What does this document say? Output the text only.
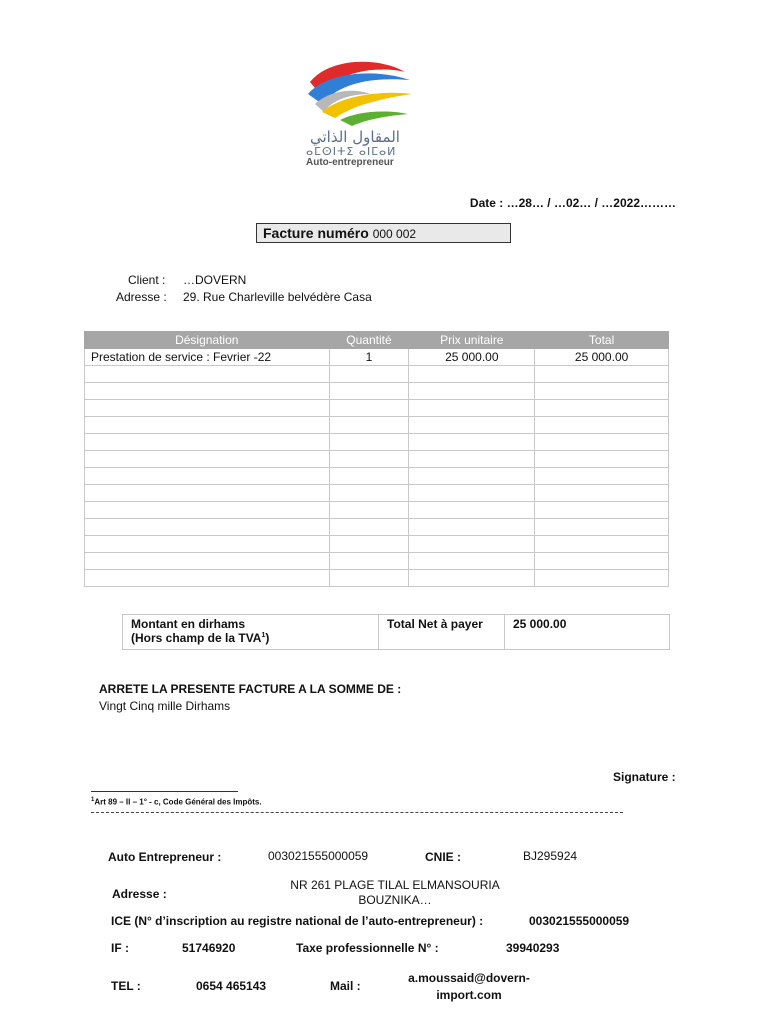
المقاول الذاتي
ⴰⵎⵙⵏⵜⵉ ⴰⵏⵎⴰⵍ
Auto-entrepreneur
Date : …28… / …02… / …2022………
Facture numéro 000 002
Client : …DOVERN
Adresse : 29. Rue Charleville belvédère Casa
Désignation	Quantité	Prix unitaire	Total
Prestation de service : Fevrier -22	1	25 000.00	25 000.00

Montant en dirhams
(Hors champ de la TVA$^1$)	Total Net à payer	25 000.00
ARRETE LA PRESENTE FACTURE A LA SOMME DE :
Vingt Cinq mille Dirhams
Signature :
$^1$Art 89 – II – 1° - c, Code Général des Impôts.
Auto Entrepreneur :	003021555000059	CNIE :	BJ295924
Adresse :
NR 261 PLAGE TILAL ELMANSOURIA
BOUZNIKA…
ICE (N° d’inscription au registre national de l’auto-entrepreneur) :	003021555000059
IF :	51746920	Taxe professionnelle N° :	39940293
TEL :	0654 465143	Mail :
a.moussaid@dovern-
import.com
